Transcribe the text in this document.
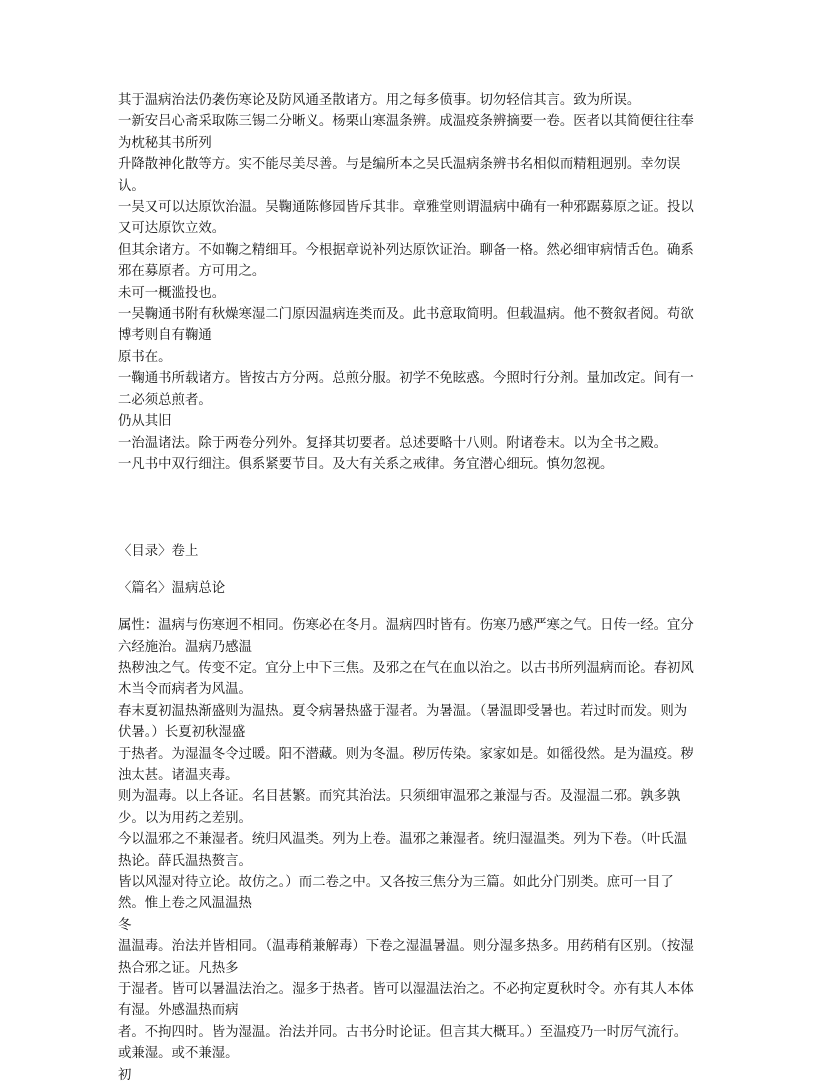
其于温病治法仍袭伤寒论及防风通圣散诸方。用之每多偾事。切勿轻信其言。致为所误。

一新安吕心斋采取陈三锡二分晰义。杨栗山寒温条辨。成温疫条辨摘要一卷。医者以其简便往往奉为枕秘其书所列

升降散神化散等方。实不能尽美尽善。与是编所本之吴氏温病条辨书名相似而精粗迥别。幸勿误认。

一吴又可以达原饮治温。吴鞠通陈修园皆斥其非。章雅堂则谓温病中确有一种邪踞募原之证。投以又可达原饮立效。

但其余诸方。不如鞠之精细耳。今根据章说补列达原饮证治。聊备一格。然必细审病情舌色。确系邪在募原者。方可用之。

未可一概滥投也。

一吴鞠通书附有秋燥寒湿二门原因温病连类而及。此书意取简明。但载温病。他不赘叙者阅。苟欲博考则自有鞠通

原书在。

一鞠通书所载诸方。皆按古方分两。总煎分服。初学不免眩惑。今照时行分剂。量加改定。间有一二必须总煎者。

仍从其旧

一治温诸法。除于两卷分列外。复择其切要者。总述要略十八则。附诸卷末。以为全书之殿。

一凡书中双行细注。俱系紧要节目。及大有关系之戒律。务宜潜心细玩。慎勿忽视。

〈目录〉卷上

〈篇名〉温病总论

属性：温病与伤寒迥不相同。伤寒必在冬月。温病四时皆有。伤寒乃感严寒之气。日传一经。宜分六经施治。温病乃感温

热秽浊之气。传变不定。宜分上中下三焦。及邪之在气在血以治之。以古书所列温病而论。春初风木当令而病者为风温。

春末夏初温热渐盛则为温热。夏令病暑热盛于湿者。为暑温。（暑温即受暑也。若过时而发。则为伏暑。）长夏初秋湿盛

于热者。为湿温冬令过暖。阳不潜藏。则为冬温。秽厉传染。家家如是。如徭役然。是为温疫。秽浊太甚。诸温夹毒。

则为温毒。以上各证。名目甚繁。而究其治法。只须细审温邪之兼湿与否。及湿温二邪。孰多孰少。以为用药之差别。

今以温邪之不兼湿者。统归风温类。列为上卷。温邪之兼湿者。统归湿温类。列为下卷。（叶氏温热论。薛氏温热赘言。

皆以风湿对待立论。故仿之。）而二卷之中。又各按三焦分为三篇。如此分门别类。庶可一目了然。惟上卷之风温温热

冬

温温毒。治法并皆相同。（温毒稍兼解毒）下卷之湿温暑温。则分湿多热多。用药稍有区别。（按湿热合邪之证。凡热多

于湿者。皆可以暑温法治之。湿多于热者。皆可以湿温法治之。不必拘定夏秋时令。亦有其人本体有湿。外感温热而病

者。不拘四时。皆为湿温。治法并同。古书分时论证。但言其大概耳。）至温疫乃一时厉气流行。或兼湿。或不兼湿。

初
